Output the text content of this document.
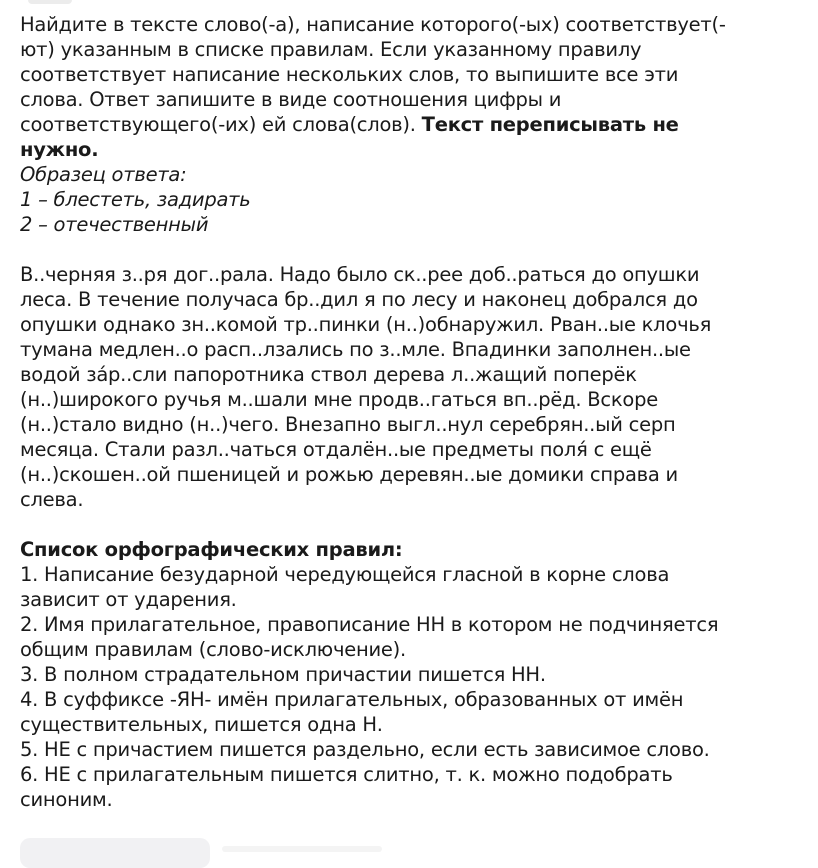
Найдите в тексте слово(-а), написание которого(-ых) соответствует(-
ют) указанным в списке правилам. Если указанному правилу
соответствует написание нескольких слов, то выпишите все эти
слова. Ответ запишите в виде соотношения цифры и
соответствующего(-их) ей слова(слов). Текст переписывать не
нужно.
Образец ответа:
1 – блестеть, задирать
2 – отечественный
В..черняя з..ря дог..рала. Надо было ск..рее доб..раться до опушки
леса. В течение получаса бр..дил я по лесу и наконец добрался до
опушки однако зн..комой тр..пинки (н..)обнаружил. Рван..ые клочья
тумана медлен..о расп..лзались по з..мле. Впадинки заполнен..ые
водой за́р..сли папоротника ствол дерева л..жащий поперёк
(н..)широкого ручья м..шали мне продв..гаться вп..рёд. Вскоре
(н..)стало видно (н..)чего. Внезапно выгл..нул серебрян..ый серп
месяца. Стали разл..чаться отдалён..ые предметы поля́ с ещё
(н..)скошен..ой пшеницей и рожью деревян..ые домики справа и
слева.
Список орфографических правил:
1. Написание безударной чередующейся гласной в корне слова
зависит от ударения.
2. Имя прилагательное, правописание НН в котором не подчиняется
общим правилам (слово-исключение).
3. В полном страдательном причастии пишется НН.
4. В суффиксе -ЯН- имён прилагательных, образованных от имён
существительных, пишется одна Н.
5. НЕ с причастием пишется раздельно, если есть зависимое слово.
6. НЕ с прилагательным пишется слитно, т. к. можно подобрать
синоним.
